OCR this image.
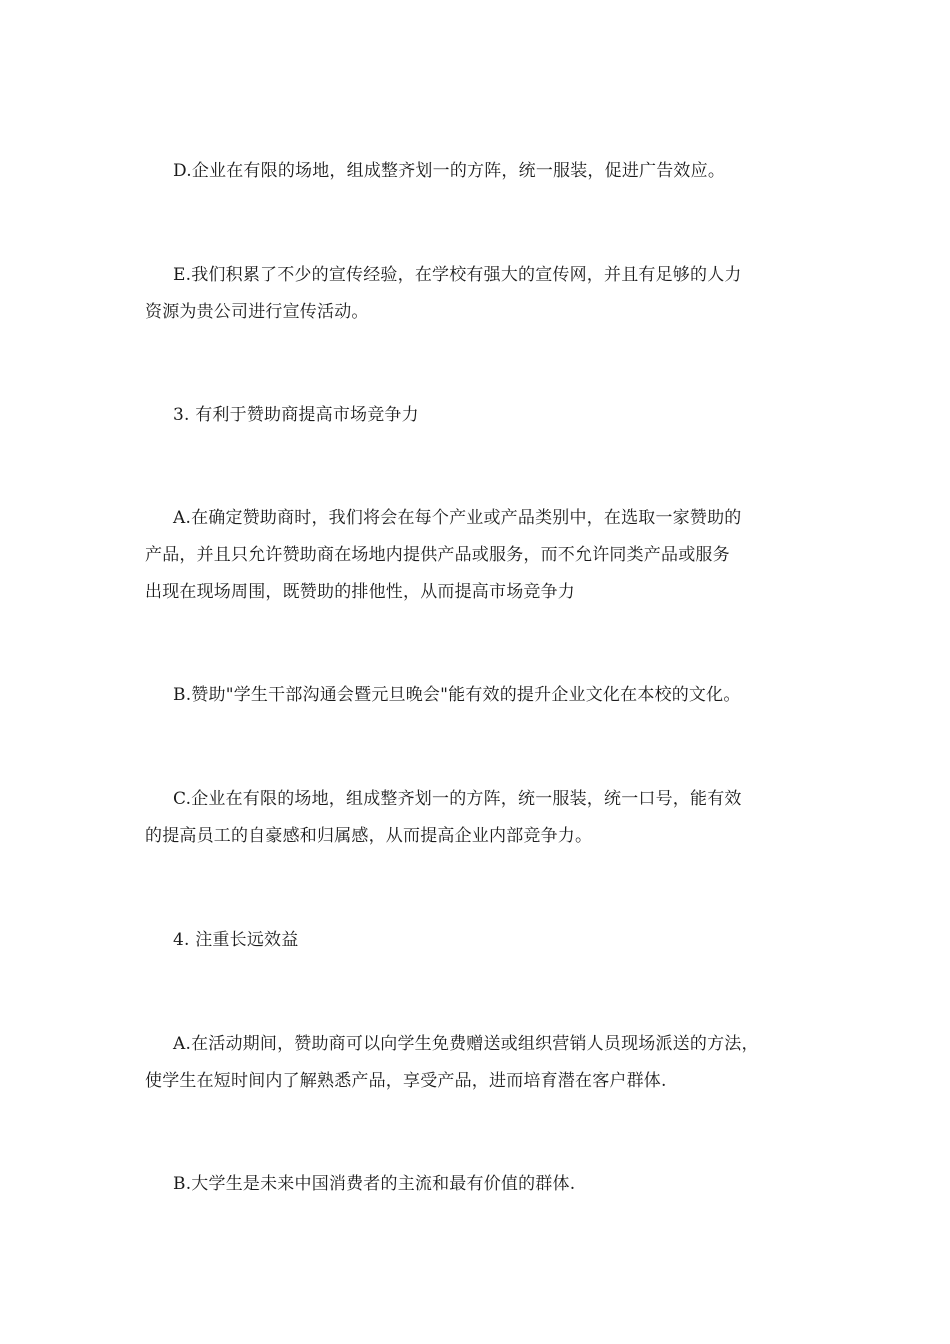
D.企业在有限的场地，组成整齐划一的方阵，统一服装，促进广告效应。

E.我们积累了不少的宣传经验，在学校有强大的宣传网，并且有足够的人力
资源为贵公司进行宣传活动。

3. 有利于赞助商提高市场竞争力

A.在确定赞助商时，我们将会在每个产业或产品类别中，在选取一家赞助的
产品，并且只允许赞助商在场地内提供产品或服务，而不允许同类产品或服务
出现在现场周围，既赞助的排他性，从而提高市场竞争力

B.赞助"学生干部沟通会暨元旦晚会"能有效的提升企业文化在本校的文化。

C.企业在有限的场地，组成整齐划一的方阵，统一服装，统一口号，能有效
的提高员工的自豪感和归属感，从而提高企业内部竞争力。

4. 注重长远效益

A.在活动期间，赞助商可以向学生免费赠送或组织营销人员现场派送的方法，
使学生在短时间内了解熟悉产品，享受产品，进而培育潜在客户群体.

B.大学生是未来中国消费者的主流和最有价值的群体.
